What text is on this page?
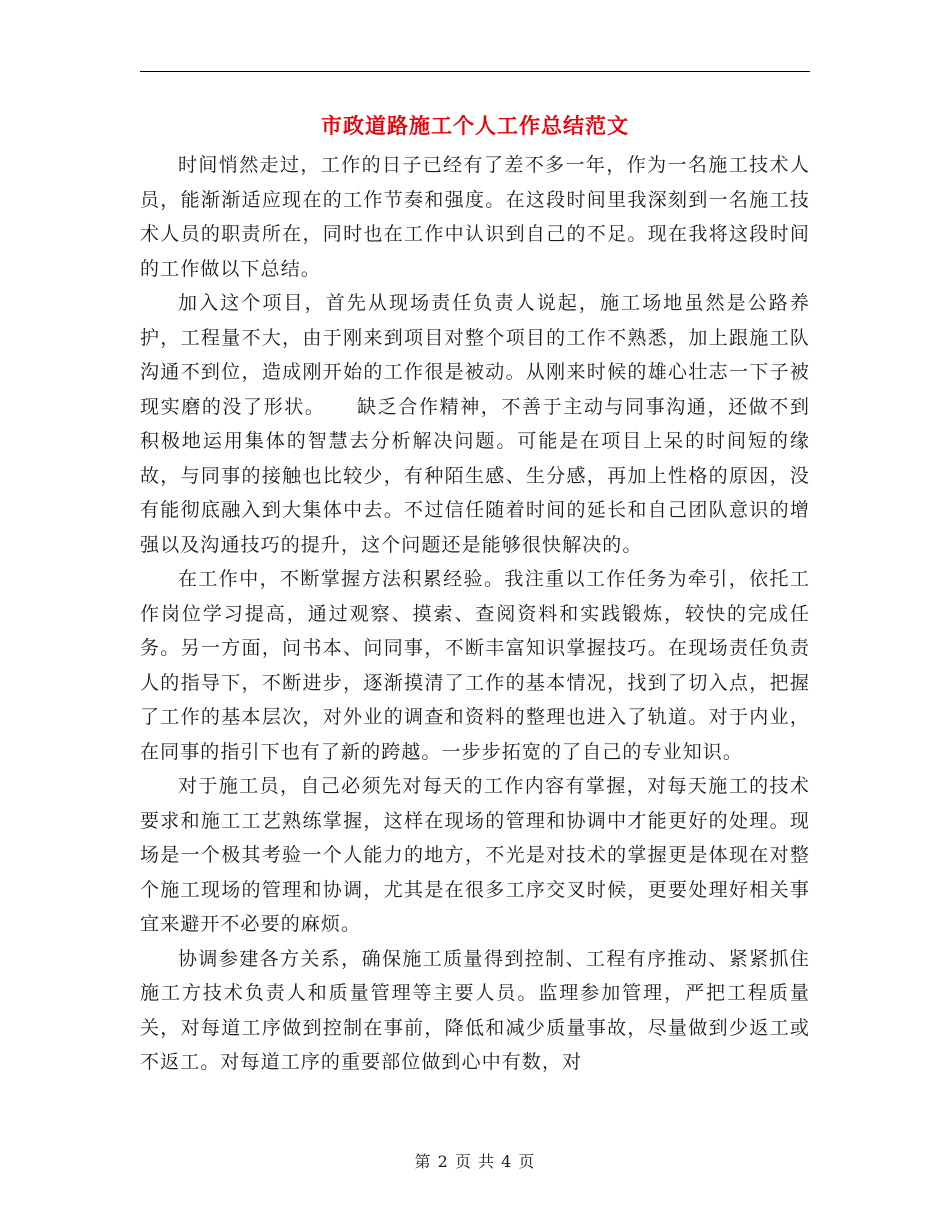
市政道路施工个人工作总结范文

时间悄然走过，工作的日子已经有了差不多一年，作为一名施工技术人员，能渐渐适应现在的工作节奏和强度。在这段时间里我深刻到一名施工技术人员的职责所在，同时也在工作中认识到自己的不足。现在我将这段时间的工作做以下总结。

加入这个项目，首先从现场责任负责人说起，施工场地虽然是公路养护，工程量不大，由于刚来到项目对整个项目的工作不熟悉，加上跟施工队沟通不到位，造成刚开始的工作很是被动。从刚来时候的雄心壮志一下子被现实磨的没了形状。　　缺乏合作精神，不善于主动与同事沟通，还做不到积极地运用集体的智慧去分析解决问题。可能是在项目上呆的时间短的缘故，与同事的接触也比较少，有种陌生感、生分感，再加上性格的原因，没有能彻底融入到大集体中去。不过信任随着时间的延长和自己团队意识的增强以及沟通技巧的提升，这个问题还是能够很快解决的。

在工作中，不断掌握方法积累经验。我注重以工作任务为牵引，依托工作岗位学习提高，通过观察、摸索、查阅资料和实践锻炼，较快的完成任务。另一方面，问书本、问同事，不断丰富知识掌握技巧。在现场责任负责人的指导下，不断进步，逐渐摸清了工作的基本情况，找到了切入点，把握了工作的基本层次，对外业的调查和资料的整理也进入了轨道。对于内业，在同事的指引下也有了新的跨越。一步步拓宽的了自己的专业知识。

对于施工员，自己必须先对每天的工作内容有掌握，对每天施工的技术要求和施工工艺熟练掌握，这样在现场的管理和协调中才能更好的处理。现场是一个极其考验一个人能力的地方，不光是对技术的掌握更是体现在对整个施工现场的管理和协调，尤其是在很多工序交叉时候，更要处理好相关事宜来避开不必要的麻烦。

协调参建各方关系，确保施工质量得到控制、工程有序推动、紧紧抓住施工方技术负责人和质量管理等主要人员。监理参加管理，严把工程质量关，对每道工序做到控制在事前，降低和减少质量事故，尽量做到少返工或不返工。对每道工序的重要部位做到心中有数，对

第 2 页 共 4 页
